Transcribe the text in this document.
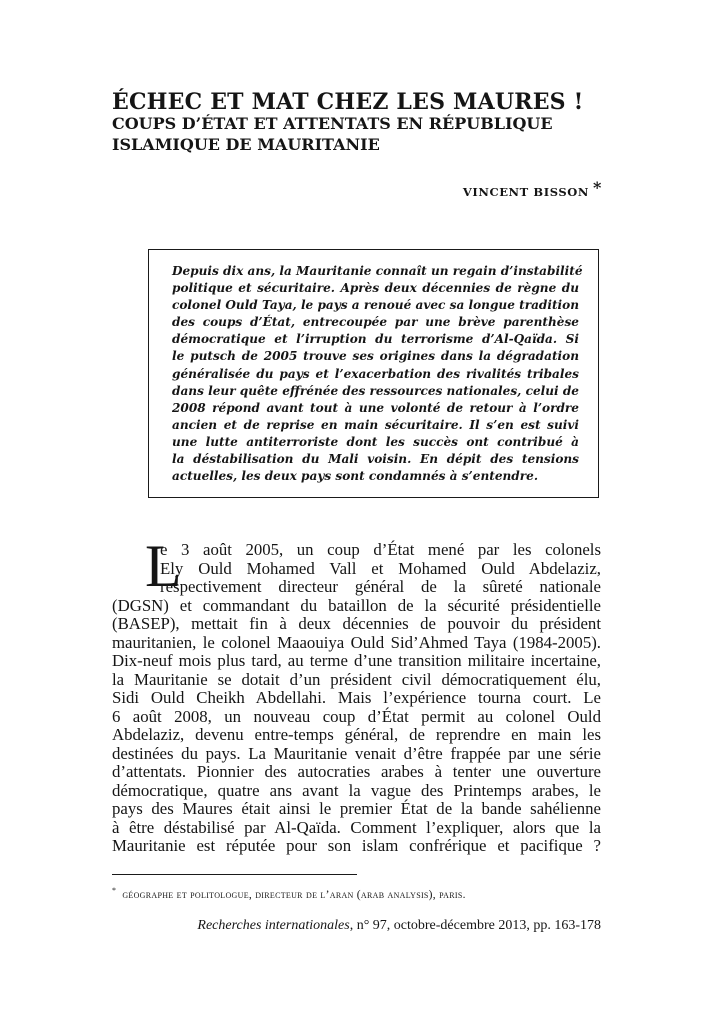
ÉCHEC ET MAT CHEZ LES MAURES !
COUPS D’ÉTAT ET ATTENTATS EN RÉPUBLIQUE
ISLAMIQUE DE MAURITANIE
VINCENT BISSON *
Depuis dix ans, la Mauritanie connaît un regain d’instabilité
politique et sécuritaire. Après deux décennies de règne du
colonel Ould Taya, le pays a renoué avec sa longue tradition
des coups d’État, entrecoupée par une brève parenthèse
démocratique et l’irruption du terrorisme d’Al-Qaïda. Si
le putsch de 2005 trouve ses origines dans la dégradation
généralisée du pays et l’exacerbation des rivalités tribales
dans leur quête effrénée des ressources nationales, celui de
2008 répond avant tout à une volonté de retour à l’ordre
ancien et de reprise en main sécuritaire. Il s’en est suivi
une lutte antiterroriste dont les succès ont contribué à
la déstabilisation du Mali voisin. En dépit des tensions
actuelles, les deux pays sont condamnés à s’entendre.
L
e 3 août 2005, un coup d’État mené par les colonels
Ely Ould Mohamed Vall et Mohamed Ould Abdelaziz,
respectivement directeur général de la sûreté nationale
(DGSN) et commandant du bataillon de la sécurité présidentielle
(BASEP), mettait fin à deux décennies de pouvoir du président
mauritanien, le colonel Maaouiya Ould Sid’Ahmed Taya (1984-2005).
Dix-neuf mois plus tard, au terme d’une transition militaire incertaine,
la Mauritanie se dotait d’un président civil démocratiquement élu,
Sidi Ould Cheikh Abdellahi. Mais l’expérience tourna court. Le
6 août 2008, un nouveau coup d’État permit au colonel Ould
Abdelaziz, devenu entre-temps général, de reprendre en main les
destinées du pays. La Mauritanie venait d’être frappée par une série
d’attentats. Pionnier des autocraties arabes à tenter une ouverture
démocratique, quatre ans avant la vague des Printemps arabes, le
pays des Maures était ainsi le premier État de la bande sahélienne
à être déstabilisé par Al-Qaïda. Comment l’expliquer, alors que la
Mauritanie est réputée pour son islam confrérique et pacifique ?
* géographe et politologue, directeur de l’aran (arab analysis), paris.
Recherches internationales, n° 97, octobre-décembre 2013, pp. 163-178
